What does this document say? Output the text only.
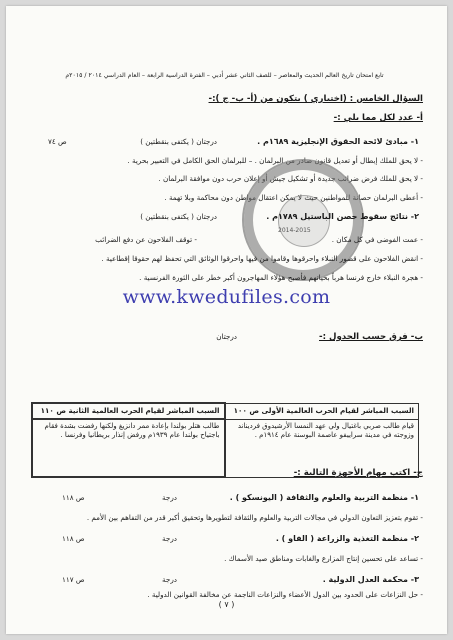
تابع امتحان تاريخ العالم الحديث والمعاصر – للصف الثاني عشر أدبي – الفترة الدراسية الرابعة – العام الدراسي ٢٠١٤ / ٢٠١٥م
السؤال الخامس : (اختياري ) يتكون من (أ- ب- ج ):-
أ- عدد لكل مما يلي :-
١- مبادئ لائحة الحقوق الإنجليزية ١٦٨٩م .
درجتان ( يكتفى بنقطتين )
ص ٧٤
- لا يحق للملك إبطال أو تعديل قانون صادر من البرلمان . – للبرلمان الحق الكامل في التعبير بحرية .
- لا يحق للملك فرض ضرائب جديدة أو تشكيل جيش أو إعلان حرب دون موافقة البرلمان .
- أعطى البرلمان حصانة للمواطنين حيث لا يمكن اعتقال مواطن دون محاكمة وبلا تهمة .
2014-2015
٢- نتائج سقوط حصن الباستيل ١٧٨٩م .
درجتان ( يكتفى بنقطتين )
- عمت الفوضى في كل مكان .
- توقف الفلاحون عن دفع الضرائب
- انقض الفلاحون على قصور النبلاء واحرقوها وقاموا من فيها واحرقوا الوثائق التي تحفظ لهم حقوقا إقطاعية .
- هجرة النبلاء خارج فرنسا هرباً بحياتهم فأصبح هؤلاء المهاجرون أكبر خطر على الثورة الفرنسية .
www.kwedufiles.com
ب- فرق حسب الجدول :-
درجتان
السبب المباشر لقيام الحرب العالمية الأولى ص ١٠٠	السبب المباشر لقيام الحرب العالمية الثانية ص ١١٠
قيام طالب صربي باغتيال ولي عهد النمسا الأرشيدوق فرديناند وزوجته في مدينة سراييفو عاصمة البوسنة عام ١٩١٤م .	طالب هتلر بولندا بإعادة ممر دانزيغ ولكنها رفضت بشدة فقام باجتياح بولندا عام ١٩٣٩م ورفض إنذار بريطانيا وفرنسا .
ج- اكتب مهام الأجهزة التالية :-
١- منظمة التربية والعلوم والثقافة ( اليونسكو ) .
درجة
ص ١١٨
- تقوم بتعزيز التعاون الدولي في مجالات التربية والعلوم والثقافة لتطويرها وتحقيق أكبر قدر من التفاهم بين الأمم .
٢- منظمة التغذية والزراعة ( الفاو ) .
درجة
ص ١١٨
- تساعد على تحسين إنتاج المزارع والغابات ومناطق صيد الأسماك .
٣- محكمة العدل الدولية .
درجة
ص ١١٧
- حل النزاعات على الحدود بين الدول الأعضاء والنزاعات الناجمة عن مخالفة القوانين الدولية .
( ٧ )
